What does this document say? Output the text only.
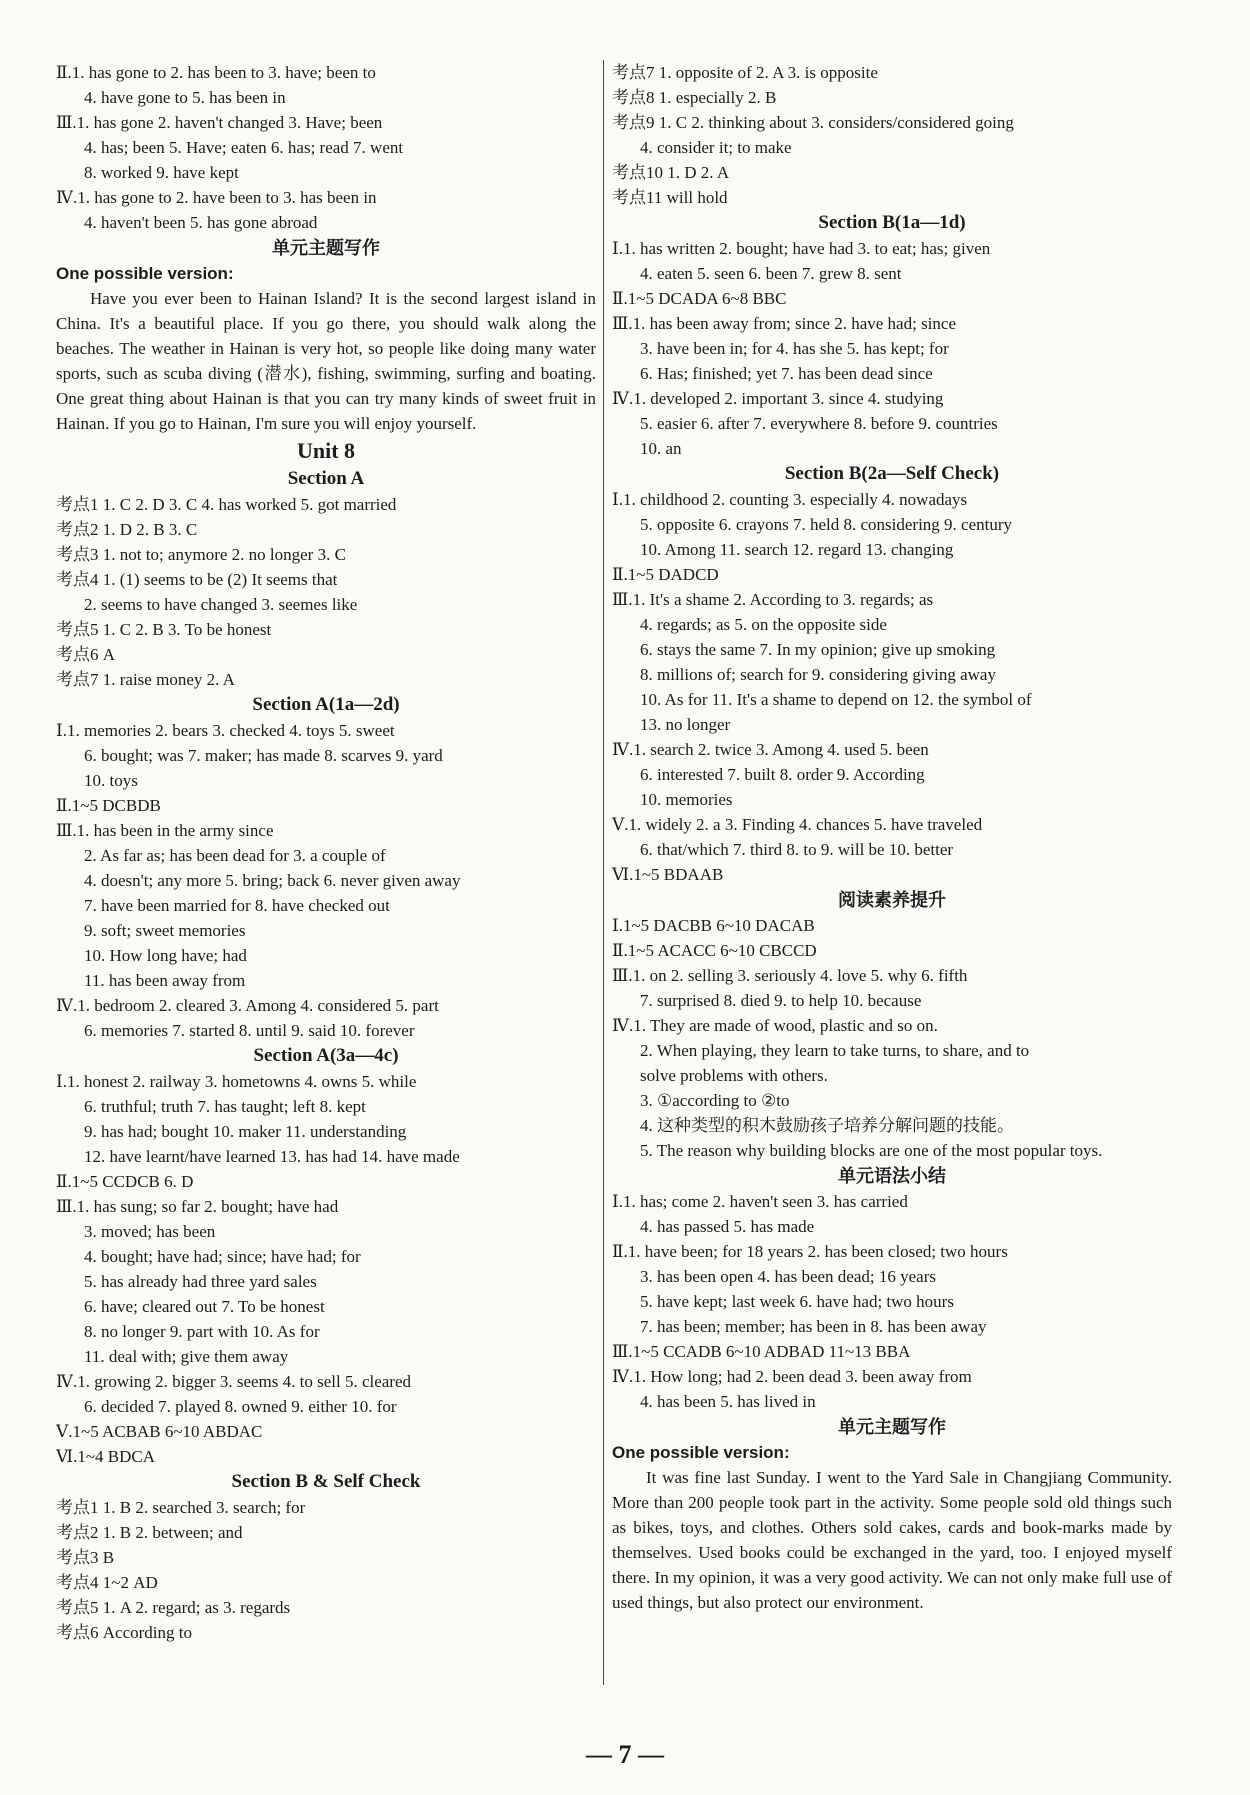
Ⅱ.1. has gone to 2. has been to 3. have; been to
4. have gone to 5. has been in
Ⅲ.1. has gone 2. haven't changed 3. Have; been
4. has; been 5. Have; eaten 6. has; read 7. went
8. worked 9. have kept
Ⅳ.1. has gone to 2. have been to 3. has been in
4. haven't been 5. has gone abroad
单元主题写作
One possible version:
Have you ever been to Hainan Island? It is the second largest island in China. It's a beautiful place. If you go there, you should walk along the beaches. The weather in Hainan is very hot, so people like doing many water sports, such as scuba diving (潜水), fishing, swimming, surfing and boating. One great thing about Hainan is that you can try many kinds of sweet fruit in Hainan. If you go to Hainan, I'm sure you will enjoy yourself.
Unit 8
Section A
考点1 1. C 2. D 3. C 4. has worked 5. got married
考点2 1. D 2. B 3. C
考点3 1. not to; anymore 2. no longer 3. C
考点4 1. (1) seems to be (2) It seems that
2. seems to have changed 3. seemes like
考点5 1. C 2. B 3. To be honest
考点6 A
考点7 1. raise money 2. A
Section A(1a—2d)
Ⅰ.1. memories 2. bears 3. checked 4. toys 5. sweet
6. bought; was 7. maker; has made 8. scarves 9. yard
10. toys
Ⅱ.1~5 DCBDB
Ⅲ.1. has been in the army since
2. As far as; has been dead for 3. a couple of
4. doesn't; any more 5. bring; back 6. never given away
7. have been married for 8. have checked out
9. soft; sweet memories
10. How long have; had
11. has been away from
Ⅳ.1. bedroom 2. cleared 3. Among 4. considered 5. part
6. memories 7. started 8. until 9. said 10. forever
Section A(3a—4c)
Ⅰ.1. honest 2. railway 3. hometowns 4. owns 5. while
6. truthful; truth 7. has taught; left 8. kept
9. has had; bought 10. maker 11. understanding
12. have learnt/have learned 13. has had 14. have made
Ⅱ.1~5 CCDCB 6. D
Ⅲ.1. has sung; so far 2. bought; have had
3. moved; has been
4. bought; have had; since; have had; for
5. has already had three yard sales
6. have; cleared out 7. To be honest
8. no longer 9. part with 10. As for
11. deal with; give them away
Ⅳ.1. growing 2. bigger 3. seems 4. to sell 5. cleared
6. decided 7. played 8. owned 9. either 10. for
Ⅴ.1~5 ACBAB 6~10 ABDAC
Ⅵ.1~4 BDCA
Section B & Self Check
考点1 1. B 2. searched 3. search; for
考点2 1. B 2. between; and
考点3 B
考点4 1~2 AD
考点5 1. A 2. regard; as 3. regards
考点6 According to
考点7 1. opposite of 2. A 3. is opposite
考点8 1. especially 2. B
考点9 1. C 2. thinking about 3. considers/considered going
4. consider it; to make
考点10 1. D 2. A
考点11 will hold
Section B(1a—1d)
Ⅰ.1. has written 2. bought; have had 3. to eat; has; given
4. eaten 5. seen 6. been 7. grew 8. sent
Ⅱ.1~5 DCADA 6~8 BBC
Ⅲ.1. has been away from; since 2. have had; since
3. have been in; for 4. has she 5. has kept; for
6. Has; finished; yet 7. has been dead since
Ⅳ.1. developed 2. important 3. since 4. studying
5. easier 6. after 7. everywhere 8. before 9. countries
10. an
Section B(2a—Self Check)
Ⅰ.1. childhood 2. counting 3. especially 4. nowadays
5. opposite 6. crayons 7. held 8. considering 9. century
10. Among 11. search 12. regard 13. changing
Ⅱ.1~5 DADCD
Ⅲ.1. It's a shame 2. According to 3. regards; as
4. regards; as 5. on the opposite side
6. stays the same 7. In my opinion; give up smoking
8. millions of; search for 9. considering giving away
10. As for 11. It's a shame to depend on 12. the symbol of
13. no longer
Ⅳ.1. search 2. twice 3. Among 4. used 5. been
6. interested 7. built 8. order 9. According
10. memories
Ⅴ.1. widely 2. a 3. Finding 4. chances 5. have traveled
6. that/which 7. third 8. to 9. will be 10. better
Ⅵ.1~5 BDAAB
阅读素养提升
Ⅰ.1~5 DACBB 6~10 DACAB
Ⅱ.1~5 ACACC 6~10 CBCCD
Ⅲ.1. on 2. selling 3. seriously 4. love 5. why 6. fifth
7. surprised 8. died 9. to help 10. because
Ⅳ.1. They are made of wood, plastic and so on.
2. When playing, they learn to take turns, to share, and to
solve problems with others.
3. ①according to ②to
4. 这种类型的积木鼓励孩子培养分解问题的技能。
5. The reason why building blocks are one of the most popular toys.
单元语法小结
Ⅰ.1. has; come 2. haven't seen 3. has carried
4. has passed 5. has made
Ⅱ.1. have been; for 18 years 2. has been closed; two hours
3. has been open 4. has been dead; 16 years
5. have kept; last week 6. have had; two hours
7. has been; member; has been in 8. has been away
Ⅲ.1~5 CCADB 6~10 ADBAD 11~13 BBA
Ⅳ.1. How long; had 2. been dead 3. been away from
4. has been 5. has lived in
单元主题写作
One possible version:
It was fine last Sunday. I went to the Yard Sale in Changjiang Community. More than 200 people took part in the activity. Some people sold old things such as bikes, toys, and clothes. Others sold cakes, cards and book-marks made by themselves. Used books could be exchanged in the yard, too. I enjoyed myself there. In my opinion, it was a very good activity. We can not only make full use of used things, but also protect our environment.
— 7 —
